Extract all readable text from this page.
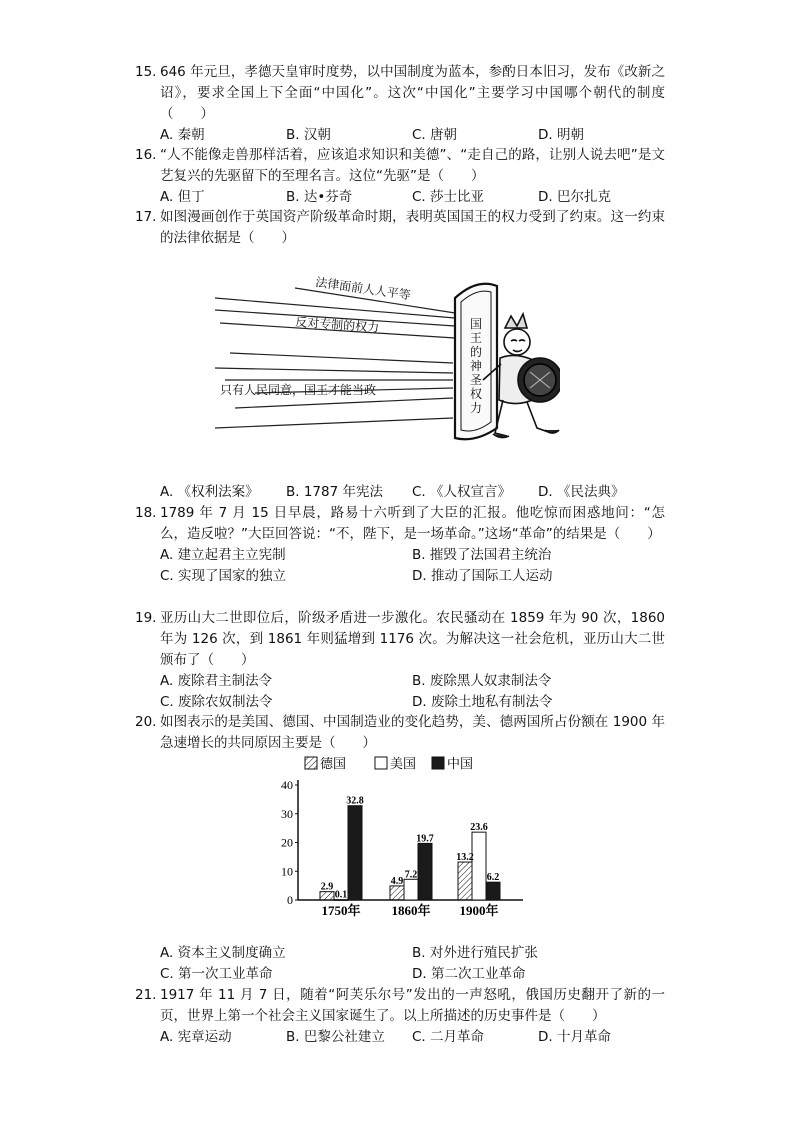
15. 646 年元旦，孝德天皇审时度势，以中国制度为蓝本，参酌日本旧习，发布《改新之诏》，要求全国上下全面“中国化”。这次“中国化”主要学习中国哪个朝代的制度（　　）
A. 秦朝	B. 汉朝	C. 唐朝	D. 明朝
16. “人不能像走兽那样活着，应该追求知识和美德”、“走自己的路，让别人说去吧”是文艺复兴的先驱留下的至理名言。这位“先驱”是（　　）
A. 但丁	B. 达•芬奇	C. 莎士比亚	D. 巴尔扎克
17. 如图漫画创作于英国资产阶级革命时期，表明英国国王的权力受到了约束。这一约束的法律依据是（　　）
法律面前人人平等
反对专制的权力
只有人民同意，国王才能当政
国王的神圣权力
A. 《权利法案》 B. 1787 年宪法 C. 《人权宣言》 D. 《民法典》
18. 1789 年 7 月 15 日早晨，路易十六听到了大臣的汇报。他吃惊而困惑地问：“怎么，造反啦？”大臣回答说：“不，陛下，是一场革命。”这场“革命”的结果是（　　）
A. 建立起君主立宪制	B. 摧毁了法国君主统治
C. 实现了国家的独立	D. 推动了国际工人运动
19. 亚历山大二世即位后，阶级矛盾进一步激化。农民骚动在 1859 年为 90 次，1860 年为 126 次，到 1861 年则猛增到 1176 次。为解决这一社会危机，亚历山大二世颁布了（　　）
A. 废除君主制法令	B. 废除黑人奴隶制法令
C. 废除农奴制法令	D. 废除土地私有制法令
20. 如图表示的是美国、德国、中国制造业的变化趋势，美、德两国所占份额在 1900 年急速增长的共同原因主要是（　　）
德国	美国 中国
0
10
20
30
40
2.9
0.1
32.8
1750年
4.9
7.2
19.7
1860年
13.2
23.6
6.2
1900年
A. 资本主义制度确立	B. 对外进行殖民扩张
C. 第一次工业革命	D. 第二次工业革命
21. 1917 年 11 月 7 日，随着“阿芙乐尔号”发出的一声怒吼，俄国历史翻开了新的一页，世界上第一个社会主义国家诞生了。以上所描述的历史事件是（　　）
A. 宪章运动	B. 巴黎公社建立 C. 二月革命	D. 十月革命
